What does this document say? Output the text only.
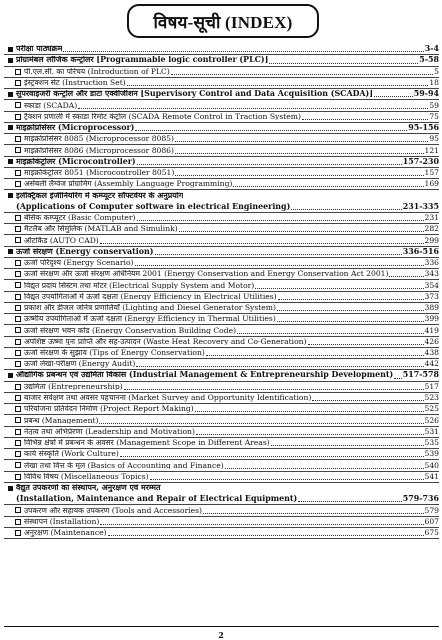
विषय-सूची (INDEX)
परीक्षा पाठ्यक्रम	3-4
प्रोग्रामेबल लॉजिक कन्ट्रोलर [Programmable logic controller (PLC)]	5-58
पी.एल.सी. का परिचय (Introduction of PLC)	5
इंस्ट्रक्शन सेट (Instruction Set)	18
सुपरवाइजरी कन्ट्रोल और डाटा एक्वीजीशन [Supervisory Control and Data Acquisition (SCADA)]	59-94
स्काडा (SCADA)	59
ट्रैक्शन प्रणाली में स्काडा रिमोट कंट्रोल (SCADA Remote Control in Traction System)	75
माइक्रोप्रोसेसर (Microprocessor)	95-156
माइक्रोप्रोसेसर 8085 (Microprocessor 8085)	95
माइक्रोप्रोसेसर 8086 (Microprocessor 8086)	121
माइक्रोकंट्रोलर (Microcontroller)	157-230
माइक्रोकंट्रोलर 8051 (Microcontroller 8051)	157
असेंबली लैंग्वेज प्रोग्रामिंग (Assembly Language Programming)	169
इलेक्ट्रिकल इंजीनियरिंग में कम्प्यूटर सॉफ्टवेयर के अनुप्रयोग
(Applications of Computer software in electrical Engineering)	231-335
बेसिक कम्प्यूटर (Basic Computer)	231
मैटलैब और सिमुलिंक (MATLAB and Simulink)	282
ऑटोकैड (AUTO CAD)	299
ऊर्जा संरक्षण (Energy conservation)	336-516
ऊर्जा परिदृश्य (Energy Scenario)	336
ऊर्जा संरक्षण और ऊर्जा संरक्षण अधिनियम 2001 (Energy Conservation and Energy Conservation Act 2001)	343
विद्युत प्रदाय सिस्टम तथा मोटर (Electrical Supply System and Motor)	354
विद्युत उपयोगिताओं में ऊर्जा दक्षता (Energy Efficiency in Electrical Utilities)	373
प्रकाश और डीजल जनित्र प्रणालियाँ (Lighting and Diesel Generator System)	389
ऊष्मीय उपयोगिताओं में ऊर्जा दक्षता (Energy Efficiency in Thermal Utilities)	399
ऊर्जा संरक्षण भवन कोड (Energy Conservation Building Code)	419
अपशिष्ट ऊष्मा पुनः प्राप्ति और सह-उत्पादन (Waste Heat Recovery and Co-Generation)	426
ऊर्जा संरक्षण के सुझाव (Tips of Energy Conservation)	438
ऊर्जा लेखा-परीक्षण (Energy Audit)	442
औद्योगिक प्रबन्धन एवं उद्यमिता विकास (Industrial Management & Entrepreneurship Development) 517-578
उद्यमिता (Entrepreneurship)	517
बाजार सर्वेक्षण तथा अवसर पहचानना (Market Survey and Opportunity Identification)	523
परियोजना प्रतिवेदन निर्माण (Project Report Making)	525
प्रबन्ध (Management)	526
नेतृत्व तथा अभिप्रेरणा (Leadership and Motivation)	531
विभिन्न क्षेत्रों में प्रबन्धन के अवसर (Management Scope in Different Areas)	535
कार्य संस्कृति (Work Culture)	539
लेखा तथा वित्त के मूल (Basics of Accounting and Finance)	540
विविध विषय (Miscellaneous Topics)	541
वैद्युत उपकरणों का संस्थापन, अनुरक्षण एवं मरम्मत
(Installation, Maintenance and Repair of Electrical Equipment)	579-736
उपकरण और सहायक उपकरण (Tools and Accessories)	579
संस्थापन (Installation)	607
अनुरक्षण (Maintenance)	675
2
